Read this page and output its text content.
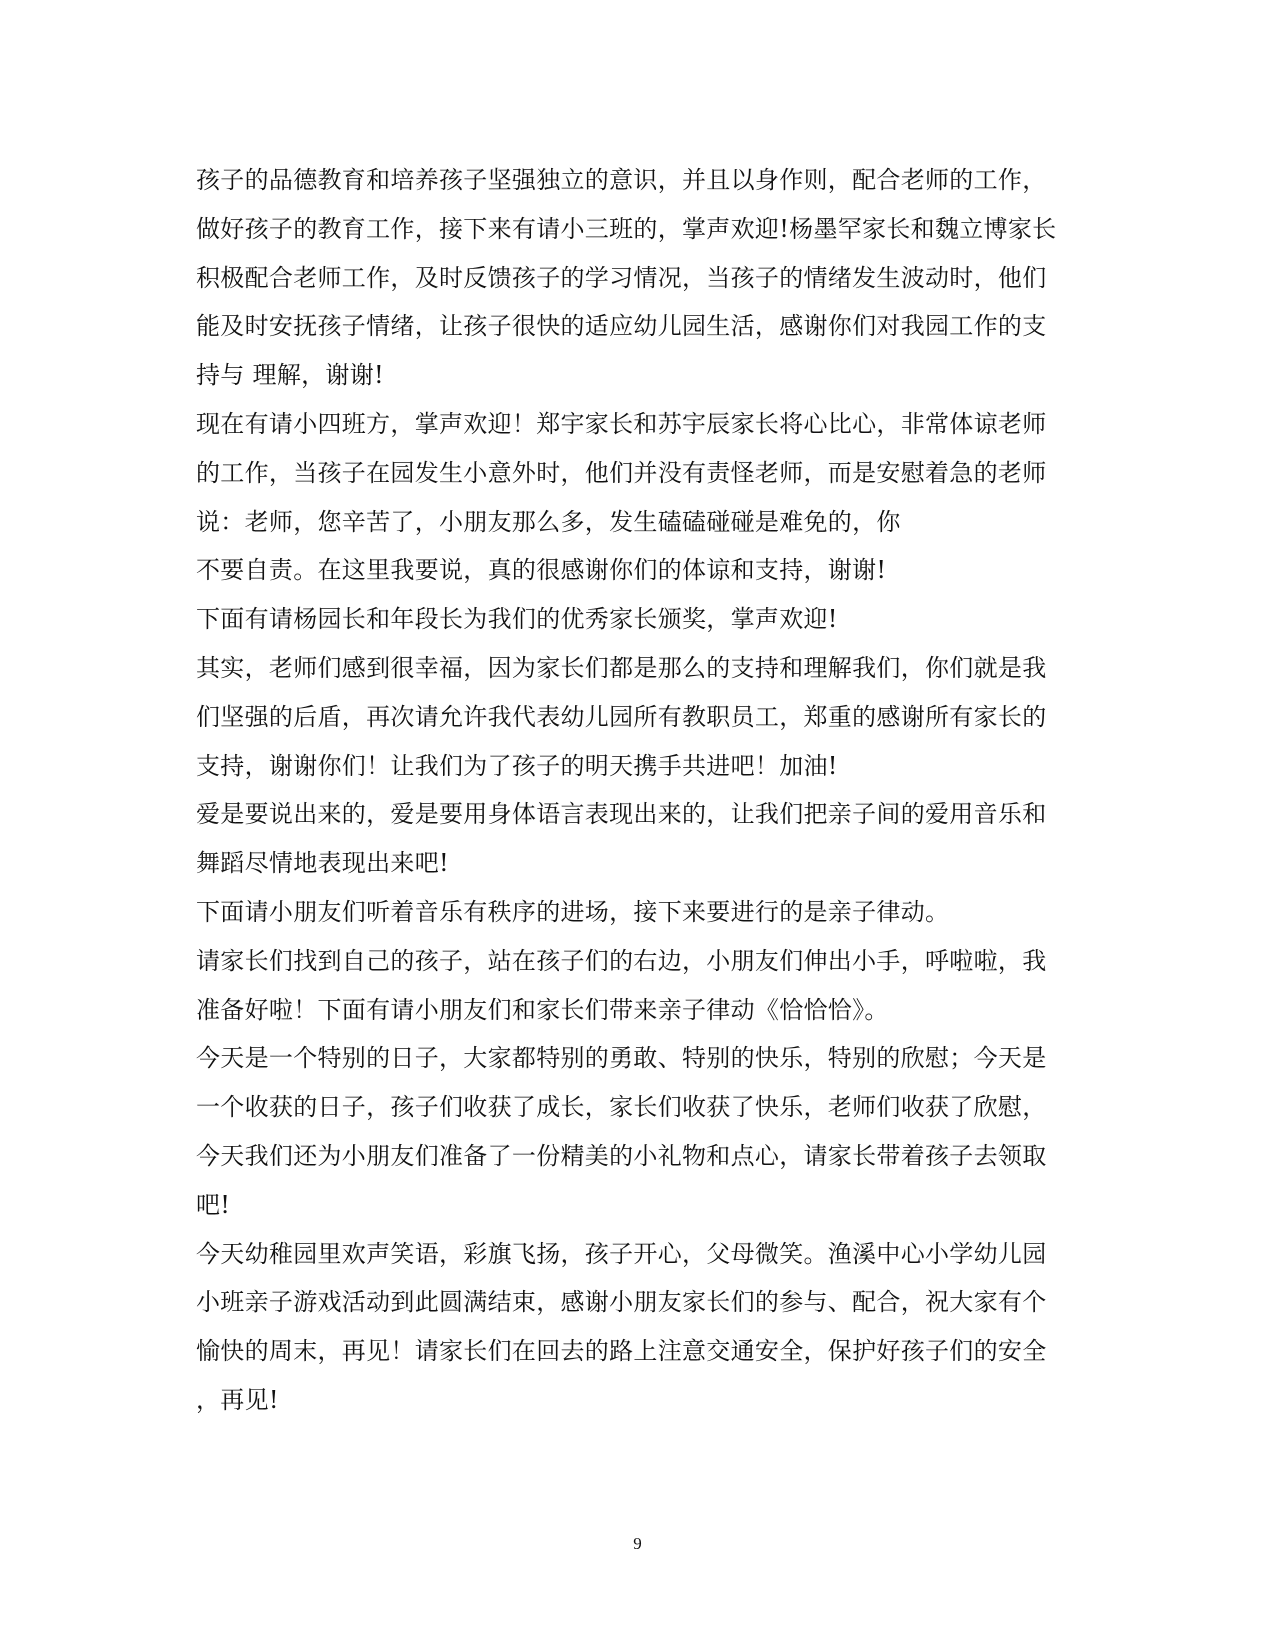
孩子的品德教育和培养孩子坚强独立的意识，并且以身作则，配合老师的工作，
做好孩子的教育工作，接下来有请小三班的，掌声欢迎!杨墨罕家长和魏立博家长
积极配合老师工作，及时反馈孩子的学习情况，当孩子的情绪发生波动时，他们
能及时安抚孩子情绪，让孩子很快的适应幼儿园生活，感谢你们对我园工作的支
持与 理解，谢谢!
现在有请小四班方，掌声欢迎！郑宇家长和苏宇辰家长将心比心，非常体谅老师
的工作，当孩子在园发生小意外时，他们并没有责怪老师，而是安慰着急的老师
说：老师，您辛苦了，小朋友那么多，发生磕磕碰碰是难免的，你
不要自责。在这里我要说，真的很感谢你们的体谅和支持，谢谢!
下面有请杨园长和年段长为我们的优秀家长颁奖，掌声欢迎!
其实，老师们感到很幸福，因为家长们都是那么的支持和理解我们，你们就是我
们坚强的后盾，再次请允许我代表幼儿园所有教职员工，郑重的感谢所有家长的
支持，谢谢你们！让我们为了孩子的明天携手共进吧！加油!
爱是要说出来的，爱是要用身体语言表现出来的，让我们把亲子间的爱用音乐和
舞蹈尽情地表现出来吧!
下面请小朋友们听着音乐有秩序的进场，接下来要进行的是亲子律动。
请家长们找到自己的孩子，站在孩子们的右边，小朋友们伸出小手，呼啦啦，我
准备好啦！下面有请小朋友们和家长们带来亲子律动《恰恰恰》。
今天是一个特别的日子，大家都特别的勇敢、特别的快乐，特别的欣慰；今天是
一个收获的日子，孩子们收获了成长，家长们收获了快乐，老师们收获了欣慰，
今天我们还为小朋友们准备了一份精美的小礼物和点心，请家长带着孩子去领取
吧!
今天幼稚园里欢声笑语，彩旗飞扬，孩子开心，父母微笑。渔溪中心小学幼儿园
小班亲子游戏活动到此圆满结束，感谢小朋友家长们的参与、配合，祝大家有个
愉快的周末，再见！请家长们在回去的路上注意交通安全，保护好孩子们的安全
，再见!
9
